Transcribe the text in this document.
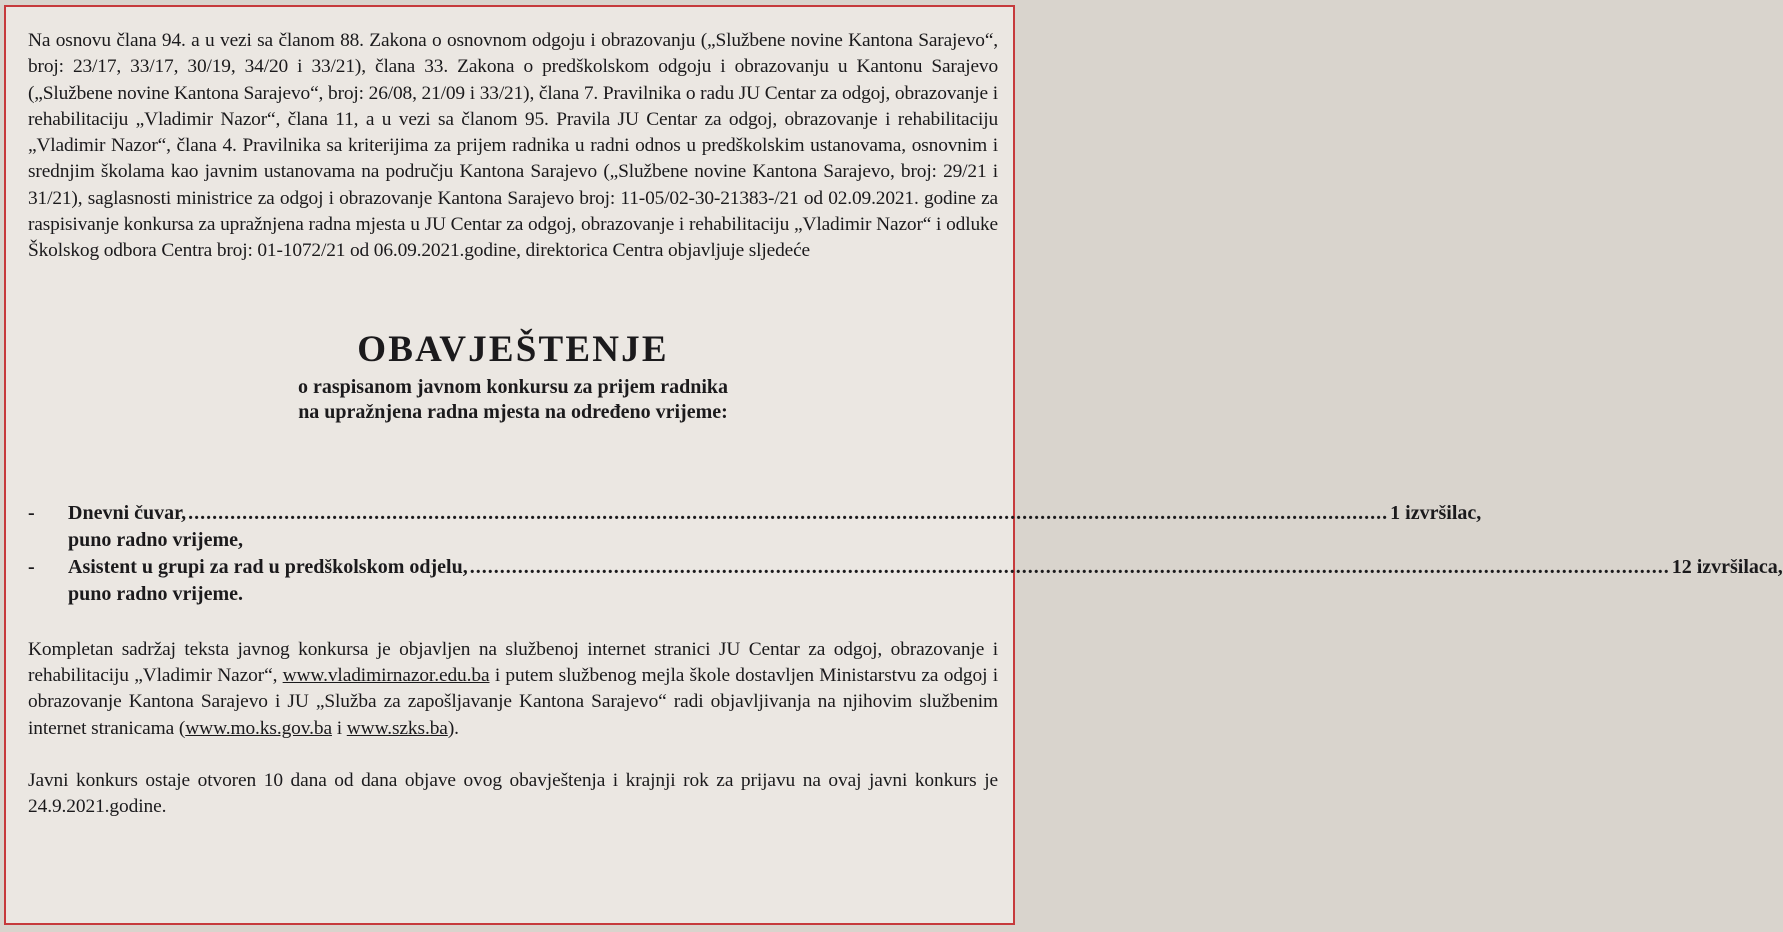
Na osnovu člana 94. a u vezi sa članom 88. Zakona o osnovnom odgoju i obrazovanju („Službene novine Kantona Sarajevo“, broj: 23/17, 33/17, 30/19, 34/20 i 33/21), člana 33. Zakona o predškolskom odgoju i obrazovanju u Kantonu Sarajevo („Službene novine Kantona Sarajevo“, broj: 26/08, 21/09 i 33/21), člana 7. Pravilnika o radu JU Centar za odgoj, obrazovanje i rehabilitaciju „Vladimir Nazor“, člana 11, a u vezi sa članom 95. Pravila JU Centar za odgoj, obrazovanje i rehabilitaciju „Vladimir Nazor“, člana 4. Pravilnika sa kriterijima za prijem radnika u radni odnos u predškolskim ustanovama, osnovnim i srednjim školama kao javnim ustanovama na području Kantona Sarajevo („Službene novine Kantona Sarajevo, broj: 29/21 i 31/21), saglasnosti ministrice za odgoj i obrazovanje Kantona Sarajevo broj: 11-05/02-30-21383-/21 od 02.09.2021. godine za raspisivanje konkursa za upražnjena radna mjesta u JU Centar za odgoj, obrazovanje i rehabilitaciju „Vladimir Nazor“ i odluke Školskog odbora Centra broj: 01-1072/21 od 06.09.2021.godine, direktorica Centra objavljuje sljedeće

OBAVJEŠTENJE
o raspisanom javnom konkursu za prijem radnika
na upražnjena radna mjesta na određeno vrijeme:
-	Dnevni čuvar, ........................................................................................................................................................................................................ 1 izvršilac,
puno radno vrijeme,
-	Asistent u grupi za rad u predškolskom odjelu, ........................................................................................................................................................................................................ 12 izvršilaca,
puno radno vrijeme.

Kompletan sadržaj teksta javnog konkursa je objavljen na službenoj internet stranici JU Centar za odgoj, obrazovanje i rehabilitaciju „Vladimir Nazor“, www.vladimirnazor.edu.ba i putem službenog mejla škole dostavljen Ministarstvu za odgoj i obrazovanje Kantona Sarajevo i JU „Služba za zapošljavanje Kantona Sarajevo“ radi objavljivanja na njihovim službenim internet stranicama (www.mo.ks.gov.ba i www.szks.ba).

Javni konkurs ostaje otvoren 10 dana od dana objave ovog obavještenja i krajnji rok za prijavu na ovaj javni konkurs je 24.9.2021.godine.
